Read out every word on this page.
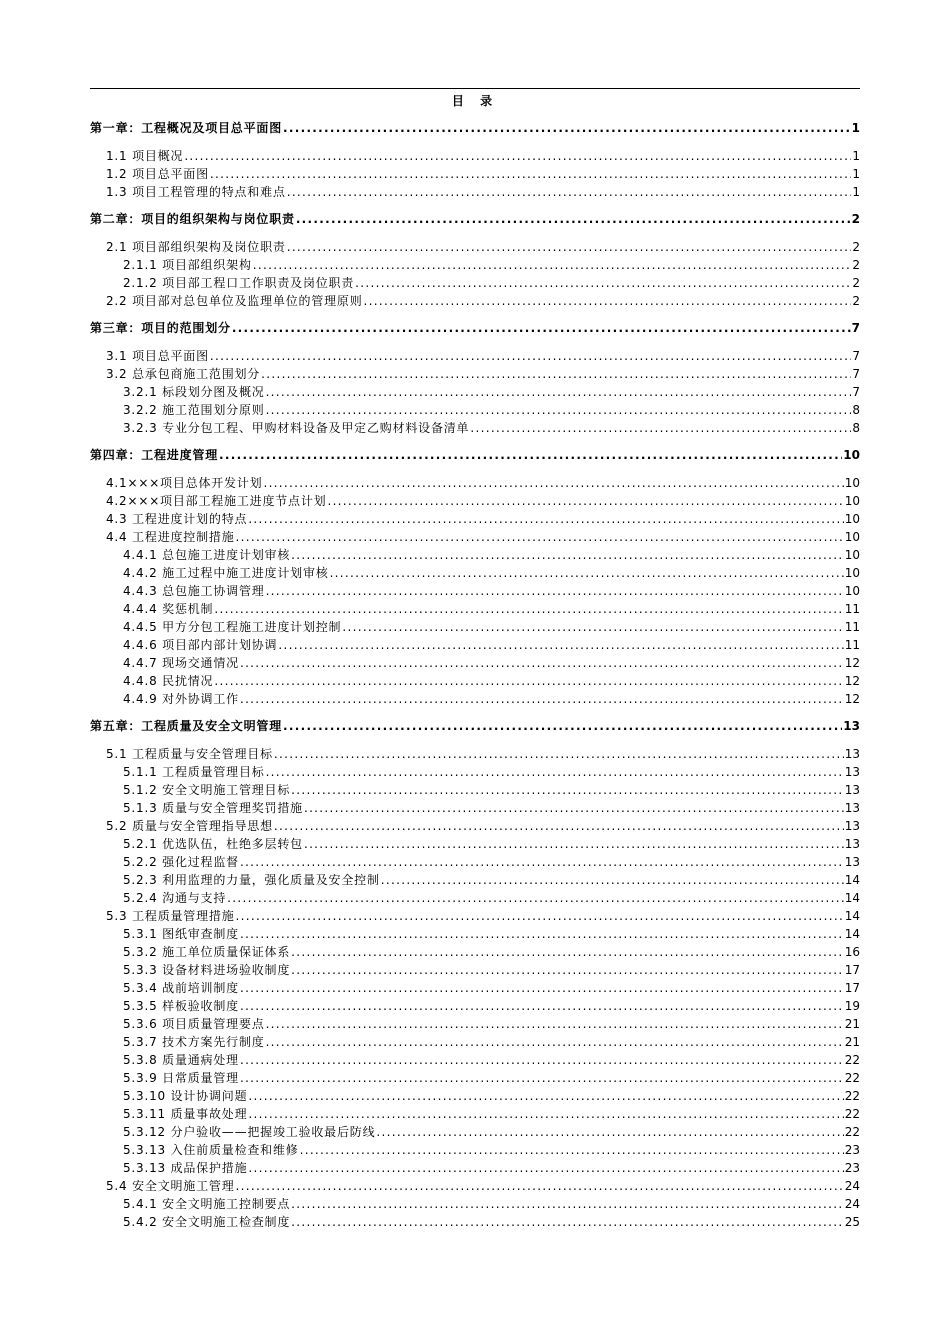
目 录
第一章：工程概况及项目总平面图 .....	1
1.1 项目概况 .....	1
1.2 项目总平面图 .....	1
1.3 项目工程管理的特点和难点 .....	1
第二章：项目的组织架构与岗位职责 .....	2
2.1 项目部组织架构及岗位职责 .....	2
2.1.1 项目部组织架构 .....	2
2.1.2 项目部工程口工作职责及岗位职责 .....	2
2.2 项目部对总包单位及监理单位的管理原则 .....	2
第三章：项目的范围划分 .....	7
3.1 项目总平面图 .....	7
3.2 总承包商施工范围划分 .....	7
3.2.1 标段划分图及概况 .....	7
3.2.2 施工范围划分原则 .....	8
3.2.3 专业分包工程、甲购材料设备及甲定乙购材料设备清单 .....	8
第四章：工程进度管理 .....	10
4.1×××项目总体开发计划 .....	10
4.2×××项目部工程施工进度节点计划 .....	10
4.3 工程进度计划的特点 .....	10
4.4 工程进度控制措施 .....	10
4.4.1 总包施工进度计划审核 .....	10
4.4.2 施工过程中施工进度计划审核 .....	10
4.4.3 总包施工协调管理 .....	10
4.4.4 奖惩机制 .....	11
4.4.5 甲方分包工程施工进度计划控制 .....	11
4.4.6 项目部内部计划协调 .....	11
4.4.7 现场交通情况 .....	12
4.4.8 民扰情况 .....	12
4.4.9 对外协调工作 .....	12
第五章：工程质量及安全文明管理 .....	13
5.1 工程质量与安全管理目标 .....	13
5.1.1 工程质量管理目标 .....	13
5.1.2 安全文明施工管理目标 .....	13
5.1.3 质量与安全管理奖罚措施 .....	13
5.2 质量与安全管理指导思想 .....	13
5.2.1 优选队伍，杜绝多层转包 .....	13
5.2.2 强化过程监督 .....	13
5.2.3 利用监理的力量，强化质量及安全控制 .....	14
5.2.4 沟通与支持 .....	14
5.3 工程质量管理措施 .....	14
5.3.1 图纸审查制度 .....	14
5.3.2 施工单位质量保证体系 .....	16
5.3.3 设备材料进场验收制度 .....	17
5.3.4 战前培训制度 .....	17
5.3.5 样板验收制度 .....	19
5.3.6 项目质量管理要点 .....	21
5.3.7 技术方案先行制度 .....	21
5.3.8 质量通病处理 .....	22
5.3.9 日常质量管理 .....	22
5.3.10 设计协调问题 .....	22
5.3.11 质量事故处理 .....	22
5.3.12 分户验收——把握竣工验收最后防线 .....	22
5.3.13 入住前质量检查和维修 .....	23
5.3.13 成品保护措施 .....	23
5.4 安全文明施工管理 .....	24
5.4.1 安全文明施工控制要点 .....	24
5.4.2 安全文明施工检查制度 .....	25
